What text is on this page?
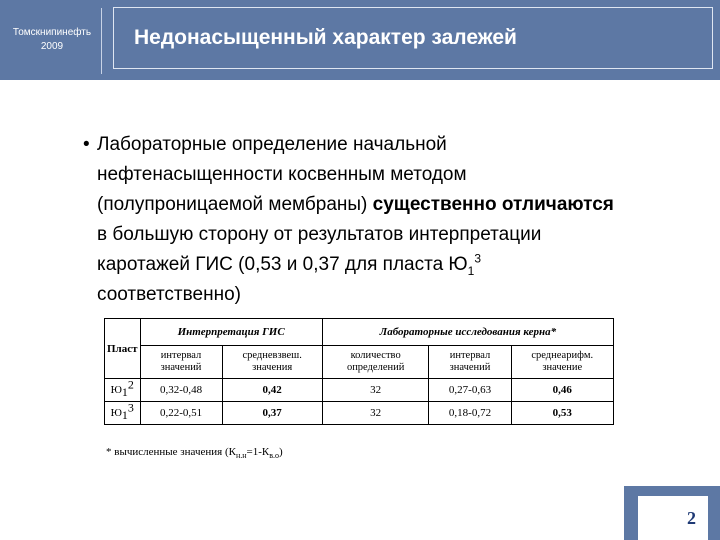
Томскнипинефть
2009	Недонасыщенный характер залежей
• Лабораторные определение начальной нефтенасыщенности косвенным методом (полупроницаемой мембраны) существенно отличаются в большую сторону от результатов интерпретации каротажей ГИС (0,53 и 0,37 для пласта $Ю_1^3$ соответственно)
Пласт	Интерпретация ГИС		Лабораторные исследования керна*		
	интервал значений	средневзвеш. значения	количество определений	интервал значений	среднеарифм. значение
$Ю_1^2$	0,32-0,48	0,42	32	0,27-0,63	0,46
$Ю_1^3$	0,22-0,51	0,37	32	0,18-0,72	0,53
* вычисленные значения $(К_{н.н}=1-К_{в.о})$
2
